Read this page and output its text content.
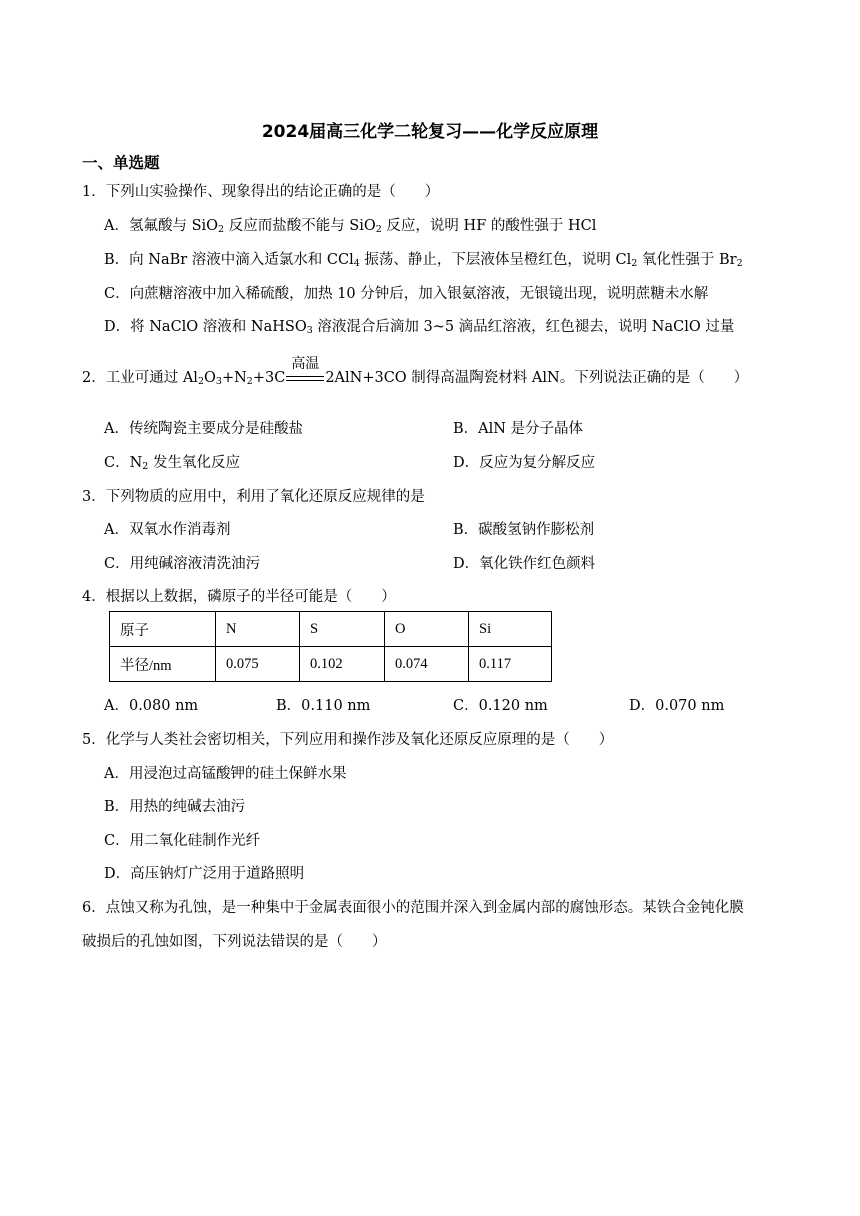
2024届高三化学二轮复习——化学反应原理
一、单选题
1．下列山实验操作、现象得出的结论正确的是（　　）
A．氢氟酸与 SiO$_2$ 反应而盐酸不能与 SiO$_2$ 反应，说明 HF 的酸性强于 HCl
B．向 NaBr 溶液中滴入适氯水和 CCl$_4$ 振荡、静止，下层液体呈橙红色，说明 $Cl_2$ 氧化性强于 $Br_2$
C．向蔗糖溶液中加入稀硫酸，加热 10 分钟后，加入银氨溶液，无银镜出现，说明蔗糖未水解
D．将 NaClO 溶液和 NaHSO$_3$ 溶液混合后滴加 3~5 滴品红溶液，红色褪去，说明 NaClO 过量
2．工业可通过 $Al_2O_3+N_2+3C$
高温
2AlN+3CO 制得高温陶瓷材料 AlN。下列说法正确的是（　　）
A．传统陶瓷主要成分是硅酸盐	B．AlN 是分子晶体
C．$N_2$ 发生氧化反应	D．反应为复分解反应
3．下列物质的应用中，利用了氧化还原反应规律的是
A．双氧水作消毒剂	B．碳酸氢钠作膨松剂
C．用纯碱溶液清洗油污	D．氧化铁作红色颜料
4．根据以上数据，磷原子的半径可能是（　　）
原子	N	S	O	Si
半径/nm	0.075	0.102	0.074	0.117
A．0.080 nm	B．0.110 nm	C．0.120 nm	D．0.070 nm
5．化学与人类社会密切相关，下列应用和操作涉及氧化还原反应原理的是（　　）
A．用浸泡过高锰酸钾的硅土保鲜水果
B．用热的纯碱去油污
C．用二氧化硅制作光纤
D．高压钠灯广泛用于道路照明
6．点蚀又称为孔蚀，是一种集中于金属表面很小的范围并深入到金属内部的腐蚀形态。某铁合金钝化膜
破损后的孔蚀如图，下列说法错误的是（　　）
